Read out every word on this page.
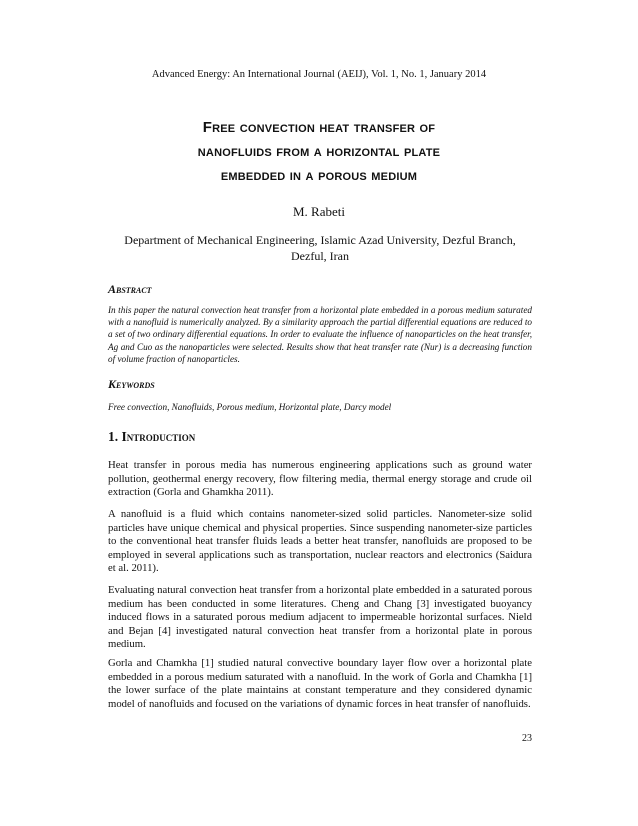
Advanced Energy: An International Journal (AEIJ), Vol. 1, No. 1, January 2014
Free convection heat transfer of
nanofluids from a horizontal plate
embedded in a porous medium
M. Rabeti
Department of Mechanical Engineering, Islamic Azad University, Dezful Branch, Dezful, Iran
Abstract
In this paper the natural convection heat transfer from a horizontal plate embedded in a porous medium saturated with a nanofluid is numerically analyzed. By a similarity approach the partial differential equations are reduced to a set of two ordinary differential equations. In order to evaluate the influence of nanoparticles on the heat transfer, Ag and Cuo as the nanoparticles were selected. Results show that heat transfer rate (Nur) is a decreasing function of volume fraction of nanoparticles.
Keywords
Free convection, Nanofluids, Porous medium, Horizontal plate, Darcy model
1. Introduction
Heat transfer in porous media has numerous engineering applications such as ground water pollution, geothermal energy recovery, flow filtering media, thermal energy storage and crude oil extraction (Gorla and Ghamkha 2011).
A nanofluid is a fluid which contains nanometer-sized solid particles. Nanometer-size solid particles have unique chemical and physical properties. Since suspending nanometer-size particles to the conventional heat transfer fluids leads a better heat transfer, nanofluids are proposed to be employed in several applications such as transportation, nuclear reactors and electronics (Saidura et al. 2011).
Evaluating natural convection heat transfer from a horizontal plate embedded in a saturated porous medium has been conducted in some literatures. Cheng and Chang [3] investigated buoyancy induced flows in a saturated porous medium adjacent to impermeable horizontal surfaces. Nield and Bejan [4] investigated natural convection heat transfer from a horizontal plate in porous medium.
Gorla and Chamkha [1] studied natural convective boundary layer flow over a horizontal plate embedded in a porous medium saturated with a nanofluid. In the work of Gorla and Chamkha [1] the lower surface of the plate maintains at constant temperature and they considered dynamic model of nanofluids and focused on the variations of dynamic forces in heat transfer of nanofluids.
23
